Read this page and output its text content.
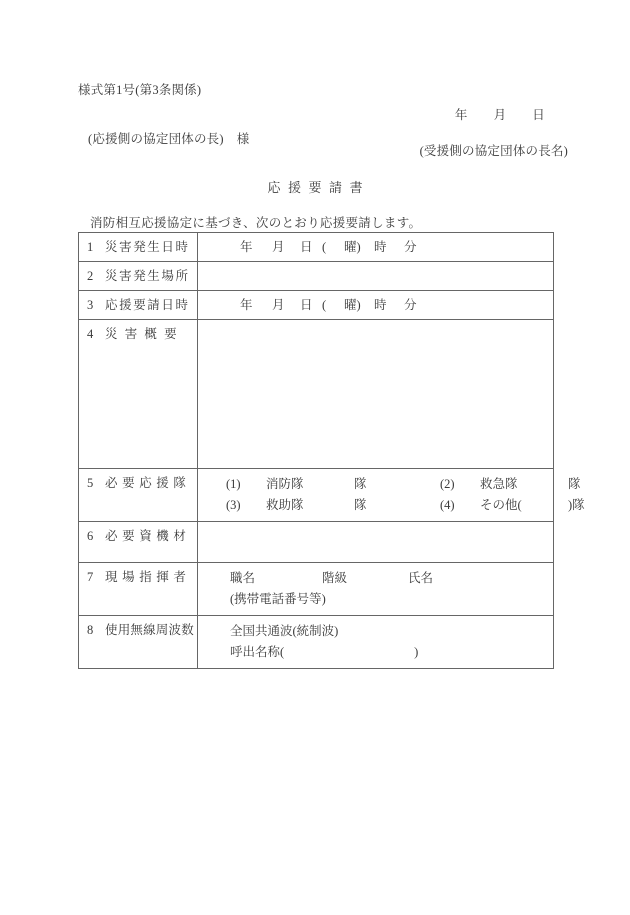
様式第1号(第3条関係)
年 月 日
(応援側の協定団体の長) 様
(受援側の協定団体の長名)
応援要請書
消防相互応援協定に基づき、次のとおり応援要請します。
1 災害発生日時	年 月 日 ( 曜) 時 分

2 災害発生場所	

3 応援要請日時	年 月 日 ( 曜) 時 分

4 災害概要	

5 必要応援隊	(1) 消防隊 隊 (2) 救急隊 隊
(3) 救助隊 隊 (4) その他( )隊

6 必要資機材	

7 現場指揮者	職名 階級 氏名
(携帯電話番号等)

8 使用無線周波数	全国共通波(統制波)
呼出名称( )
